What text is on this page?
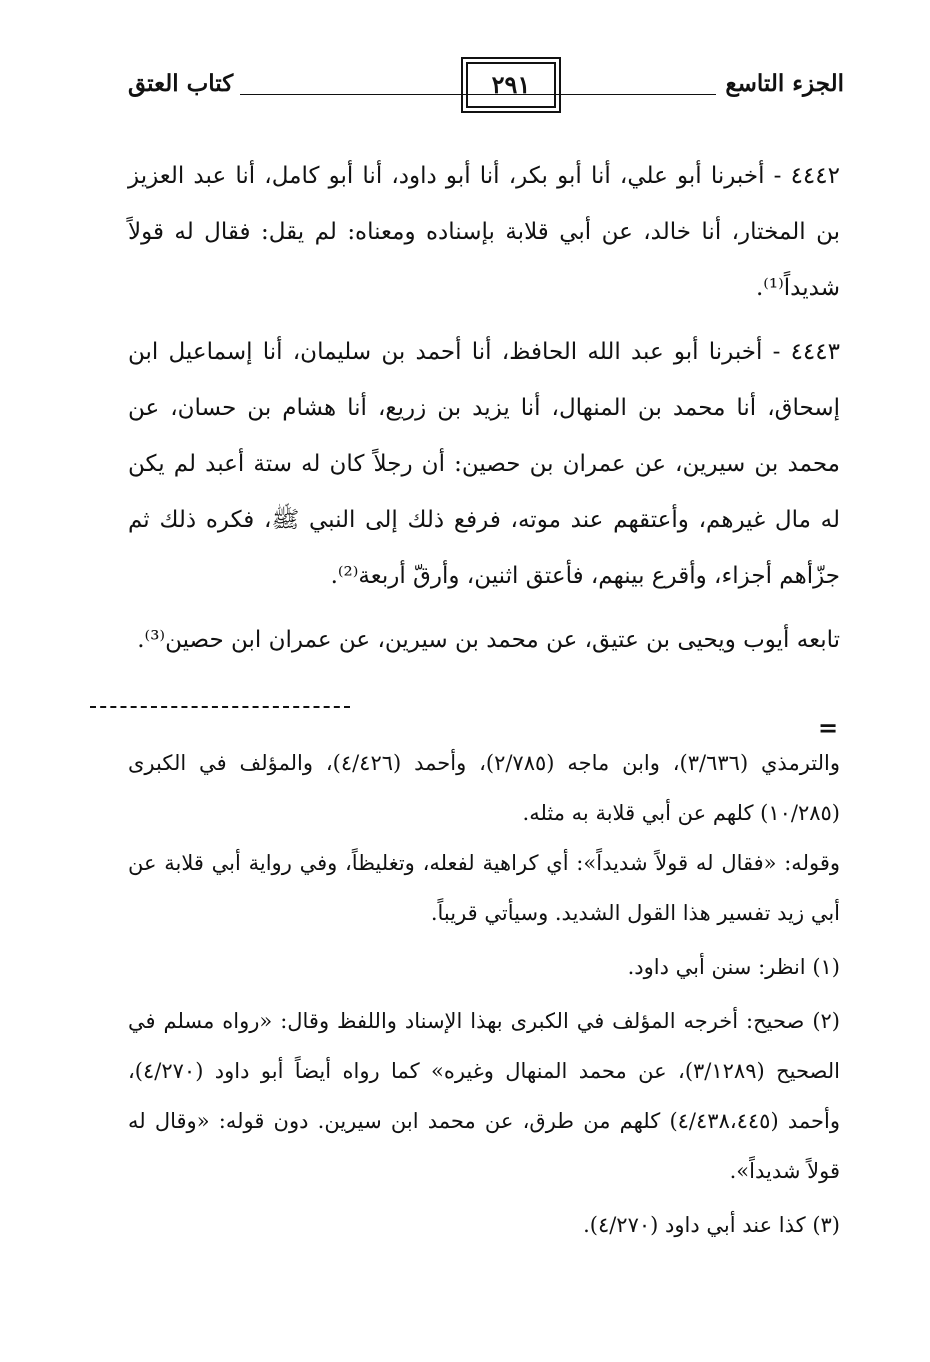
الجزء التاسع
٢٩١
كتاب العتق

٤٤٤٢ - أخبرنا أبو علي، أنا أبو بكر، أنا أبو داود، أنا أبو كامل، أنا عبد العزيز بن المختار، أنا خالد، عن أبي قلابة بإسناده ومعناه: لم يقل: فقال له قولاً شديداً⁽¹⁾.

٤٤٤٣ - أخبرنا أبو عبد الله الحافظ، أنا أحمد بن سليمان، أنا إسماعيل ابن إسحاق، أنا محمد بن المنهال، أنا يزيد بن زريع، أنا هشام بن حسان، عن محمد بن سيرين، عن عمران بن حصين: أن رجلاً كان له ستة أعبد لم يكن له مال غيرهم، وأعتقهم عند موته، فرفع ذلك إلى النبي ﷺ، فكره ذلك ثم جزّأهم أجزاء، وأقرع بينهم، فأعتق اثنين، وأرقّ أربعة⁽²⁾.

تابعه أيوب ويحيى بن عتيق، عن محمد بن سيرين، عن عمران ابن حصين⁽³⁾.

=

والترمذي (٣/٦٣٦)، وابن ماجه (٢/٧٨٥)، وأحمد (٤/٤٢٦)، والمؤلف في الكبرى (١٠/٢٨٥) كلهم عن أبي قلابة به مثله.

وقوله: «فقال له قولاً شديداً»: أي كراهية لفعله، وتغليظاً، وفي رواية أبي قلابة عن أبي زيد تفسير هذا القول الشديد. وسيأتي قريباً.

(١) انظر: سنن أبي داود.

(٢) صحيح: أخرجه المؤلف في الكبرى بهذا الإسناد واللفظ وقال: «رواه مسلم في الصحيح (٣/١٢٨٩)، عن محمد المنهال وغيره» كما رواه أيضاً أبو داود (٤/٢٧٠)، وأحمد (٤/٤٣٨،٤٤٥) كلهم من طرق، عن محمد ابن سيرين. دون قوله: «وقال له قولاً شديداً».

(٣) كذا عند أبي داود (٤/٢٧٠).
